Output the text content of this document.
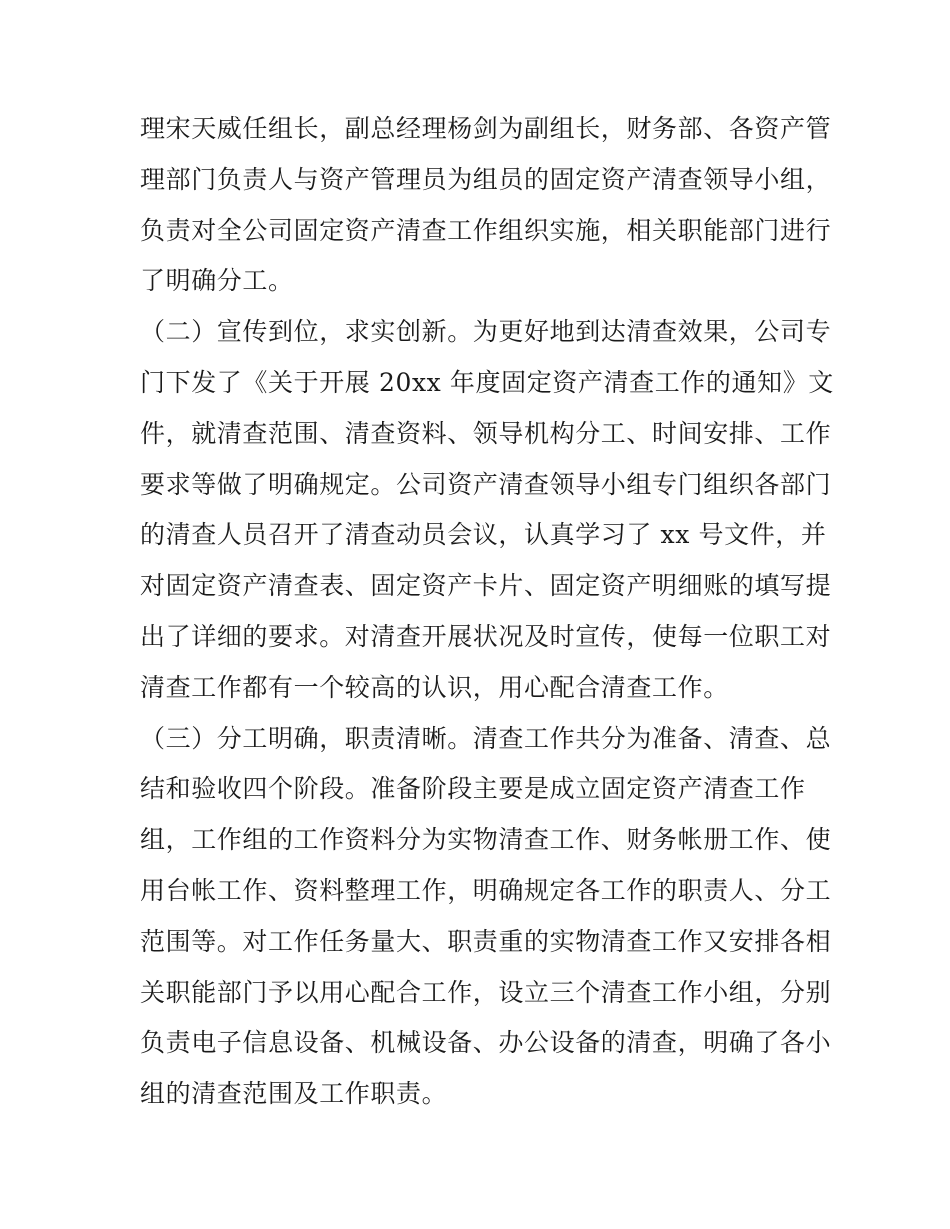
理宋天威任组长，副总经理杨剑为副组长，财务部、各资产管
理部门负责人与资产管理员为组员的固定资产清查领导小组，
负责对全公司固定资产清查工作组织实施，相关职能部门进行
了明确分工。
（二）宣传到位，求实创新。为更好地到达清查效果，公司专
门下发了《关于开展 20xx 年度固定资产清查工作的通知》文
件，就清查范围、清查资料、领导机构分工、时间安排、工作
要求等做了明确规定。公司资产清查领导小组专门组织各部门
的清查人员召开了清查动员会议，认真学习了 xx 号文件，并
对固定资产清查表、固定资产卡片、固定资产明细账的填写提
出了详细的要求。对清查开展状况及时宣传，使每一位职工对
清查工作都有一个较高的认识，用心配合清查工作。
（三）分工明确，职责清晰。清查工作共分为准备、清查、总
结和验收四个阶段。准备阶段主要是成立固定资产清查工作
组，工作组的工作资料分为实物清查工作、财务帐册工作、使
用台帐工作、资料整理工作，明确规定各工作的职责人、分工
范围等。对工作任务量大、职责重的实物清查工作又安排各相
关职能部门予以用心配合工作，设立三个清查工作小组，分别
负责电子信息设备、机械设备、办公设备的清查，明确了各小
组的清查范围及工作职责。
